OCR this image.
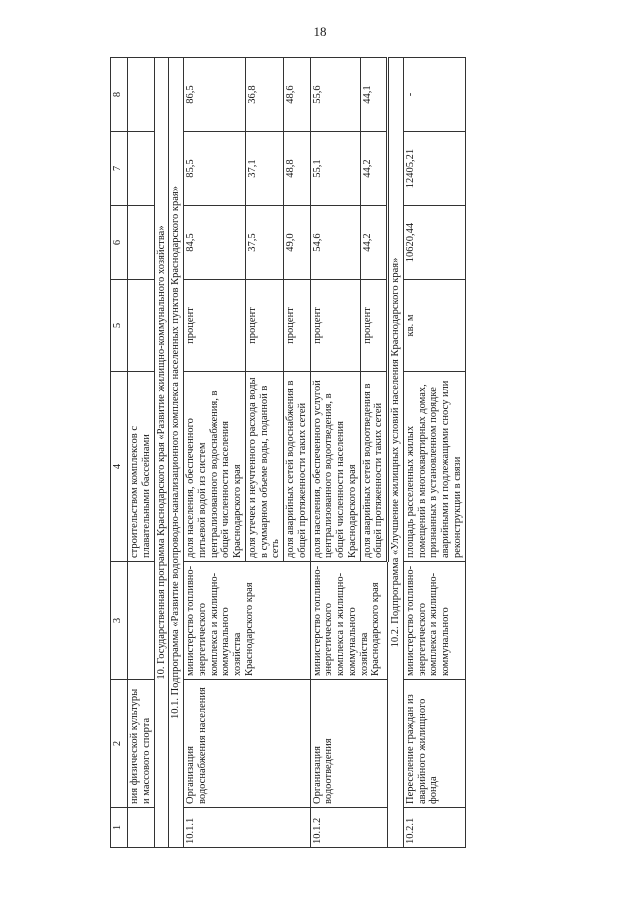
18
1	2	3	4	5	6	7	8
	ния физической культуры и массового спорта		строительством комплексов с плавательными бассейнами				
10. Государственная программа Краснодарского края «Развитие жилищно-коммунального хозяйства»							
10.1. Подпрограмма «Развитие водопроводно-канализационного комплекса населенных пунктов Краснодарского края»							
10.1.1	Организация водоснабжения населения	министерство топливно-энергетического комплекса и жилищно-коммунального хозяйства Краснодарского края	доля населения, обеспеченного питьевой водой из систем централизованного водоснабжения, в общей численности населения Краснодарского края	процент	84,5	85,5	86,5
			доля утечек и неучтенного расхода воды в суммарном объеме воды, поданной в сеть	процент	37,5	37,1	36,8
			доля аварийных сетей водоснабжения в общей протяженности таких сетей	процент	49,0	48,8	48,6
10.1.2	Организация водоотведения	министерство топливно-энергетического комплекса и жилищно-коммунального хозяйства Краснодарского края	доля населения, обеспеченного услугой централизованного водоотведения, в общей численности населения Краснодарского края	процент	54,6	55,1	55,6
			доля аварийных сетей водоотведения в общей протяженности таких сетей	процент	44,2	44,2	44,1
10.2. Подпрограмма «Улучшение жилищных условий населения Краснодарского края»							
10.2.1	Переселение граждан из аварийного жилищного фонда	министерство топливно-энергетического комплекса и жилищно-коммунального	площадь расселенных жилых помещений в многоквартирных домах, признанных в установленном порядке аварийными и подлежащими сносу или реконструкции в связи	кв. м	10620,44	12405,21	-
